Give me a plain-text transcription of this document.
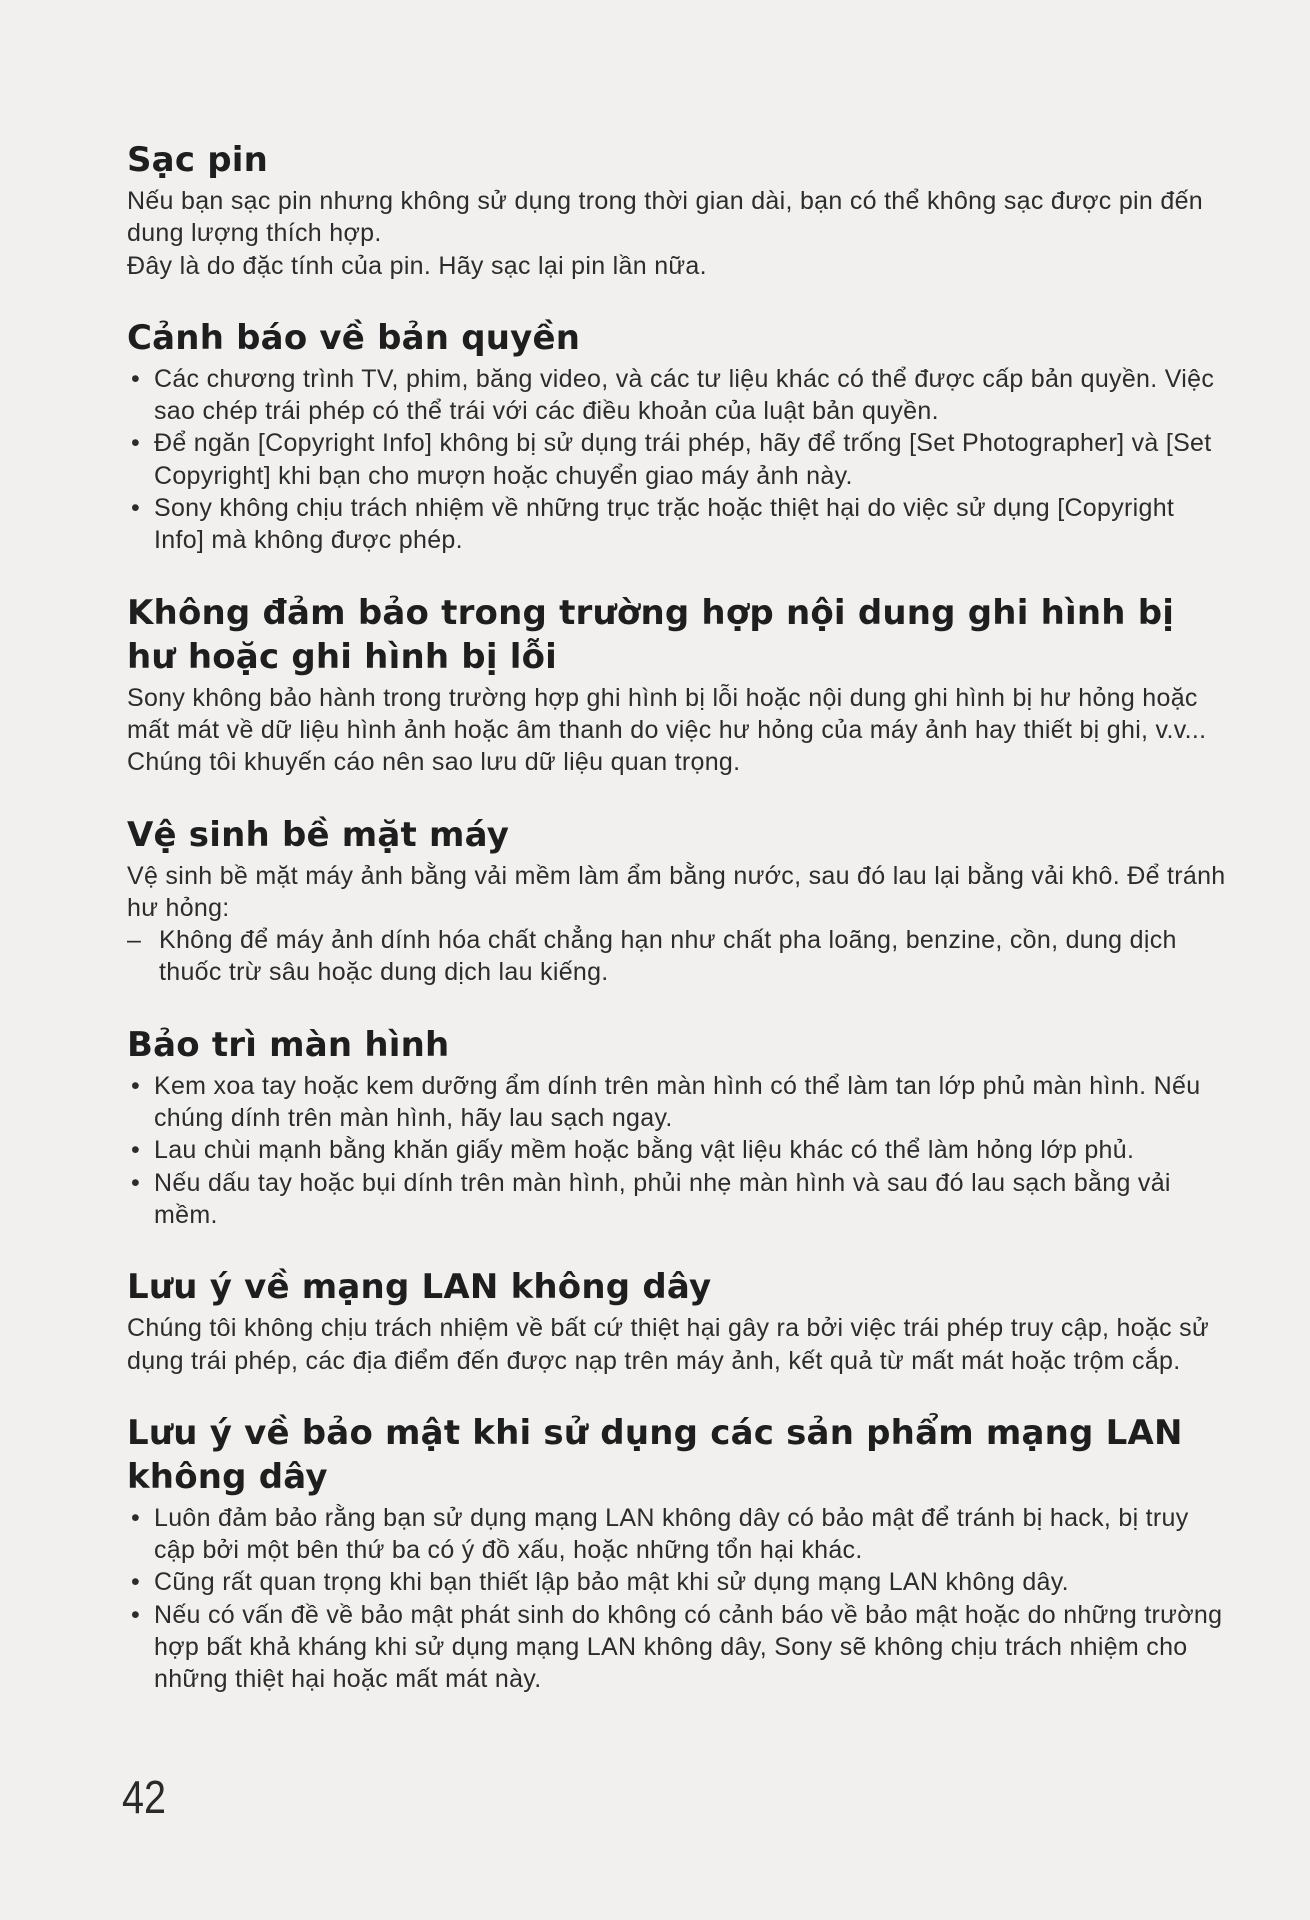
Sạc pin

Nếu bạn sạc pin nhưng không sử dụng trong thời gian dài, bạn có thể không sạc được pin đến dung lượng thích hợp.

Đây là do đặc tính của pin. Hãy sạc lại pin lần nữa.

Cảnh báo về bản quyền
• Các chương trình TV, phim, băng video, và các tư liệu khác có thể được cấp bản quyền. Việc sao chép trái phép có thể trái với các điều khoản của luật bản quyền.
• Để ngăn [Copyright Info] không bị sử dụng trái phép, hãy để trống [Set Photographer] và [Set Copyright] khi bạn cho mượn hoặc chuyển giao máy ảnh này.
• Sony không chịu trách nhiệm về những trục trặc hoặc thiệt hại do việc sử dụng [Copyright Info] mà không được phép.
Không đảm bảo trong trường hợp nội dung ghi hình bị hư hoặc ghi hình bị lỗi

Sony không bảo hành trong trường hợp ghi hình bị lỗi hoặc nội dung ghi hình bị hư hỏng hoặc mất mát về dữ liệu hình ảnh hoặc âm thanh do việc hư hỏng của máy ảnh hay thiết bị ghi, v.v... Chúng tôi khuyến cáo nên sao lưu dữ liệu quan trọng.

Vệ sinh bề mặt máy

Vệ sinh bề mặt máy ảnh bằng vải mềm làm ẩm bằng nước, sau đó lau lại bằng vải khô. Để tránh hư hỏng:

– Không để máy ảnh dính hóa chất chẳng hạn như chất pha loãng, benzine, cồn, dung dịch thuốc trừ sâu hoặc dung dịch lau kiếng.
Bảo trì màn hình
• Kem xoa tay hoặc kem dưỡng ẩm dính trên màn hình có thể làm tan lớp phủ màn hình. Nếu chúng dính trên màn hình, hãy lau sạch ngay.
• Lau chùi mạnh bằng khăn giấy mềm hoặc bằng vật liệu khác có thể làm hỏng lớp phủ.
• Nếu dấu tay hoặc bụi dính trên màn hình, phủi nhẹ màn hình và sau đó lau sạch bằng vải mềm.
Lưu ý về mạng LAN không dây

Chúng tôi không chịu trách nhiệm về bất cứ thiệt hại gây ra bởi việc trái phép truy cập, hoặc sử dụng trái phép, các địa điểm đến được nạp trên máy ảnh, kết quả từ mất mát hoặc trộm cắp.

Lưu ý về bảo mật khi sử dụng các sản phẩm mạng LAN không dây
• Luôn đảm bảo rằng bạn sử dụng mạng LAN không dây có bảo mật để tránh bị hack, bị truy cập bởi một bên thứ ba có ý đồ xấu, hoặc những tổn hại khác.
• Cũng rất quan trọng khi bạn thiết lập bảo mật khi sử dụng mạng LAN không dây.
• Nếu có vấn đề về bảo mật phát sinh do không có cảnh báo về bảo mật hoặc do những trường hợp bất khả kháng khi sử dụng mạng LAN không dây, Sony sẽ không chịu trách nhiệm cho những thiệt hại hoặc mất mát này.
42
